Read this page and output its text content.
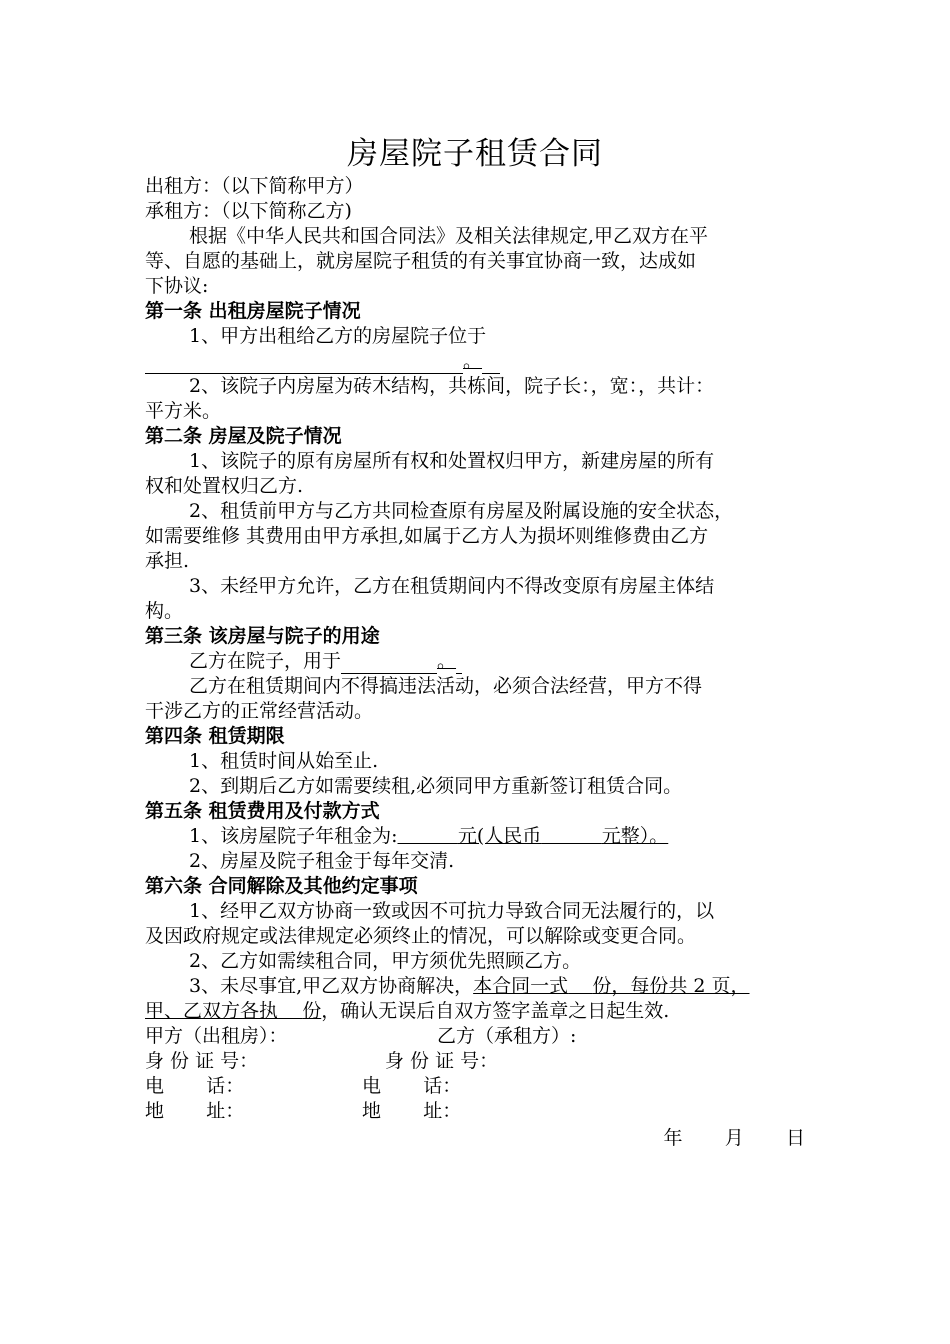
房屋院子租赁合同
出租方：（以下简称甲方）
承租方：（以下简称乙方)
根据《中华人民共和国合同法》及相关法律规定,甲乙双方在平
等、自愿的基础上，就房屋院子租赁的有关事宜协商一致，达成如
下协议:
第一条 出租房屋院子情况
1、甲方出租给乙方的房屋院子位于
。
2、该院子内房屋为砖木结构，共栋间，院子长：，宽：，共计：
平方米。
第二条 房屋及院子情况
1、该院子的原有房屋所有权和处置权归甲方，新建房屋的所有
权和处置权归乙方.
2、租赁前甲方与乙方共同检查原有房屋及附属设施的安全状态，
如需要维修 其费用由甲方承担,如属于乙方人为损坏则维修费由乙方
承担.
3、未经甲方允许，乙方在租赁期间内不得改变原有房屋主体结
构。
第三条 该房屋与院子的用途
乙方在院子，用于	。
乙方在租赁期间内不得搞违法活动，必须合法经营，甲方不得
干涉乙方的正常经营活动。
第四条 租赁期限
1、租赁时间从始至止.
2、到期后乙方如需要续租,必须同甲方重新签订租赁合同。
第五条 租赁费用及付款方式
1、该房屋院子年租金为:	元(人民币	元整）。
2、房屋及院子租金于每年交清.
第六条 合同解除及其他约定事项
1、经甲乙双方协商一致或因不可抗力导致合同无法履行的，以
及因政府规定或法律规定必须终止的情况，可以解除或变更合同。
2、乙方如需续租合同，甲方须优先照顾乙方。
3、未尽事宜,甲乙双方协商解决，本合同一式 份，每份共 2 页，
甲、乙双方各执 份，确认无误后自双方签字盖章之日起生效.
甲方（出租房）：	乙方（承租方）:
身 份 证 号：	身 份 证 号：
电       话：	电       话：
地       址：	地       址：
年       月       日
